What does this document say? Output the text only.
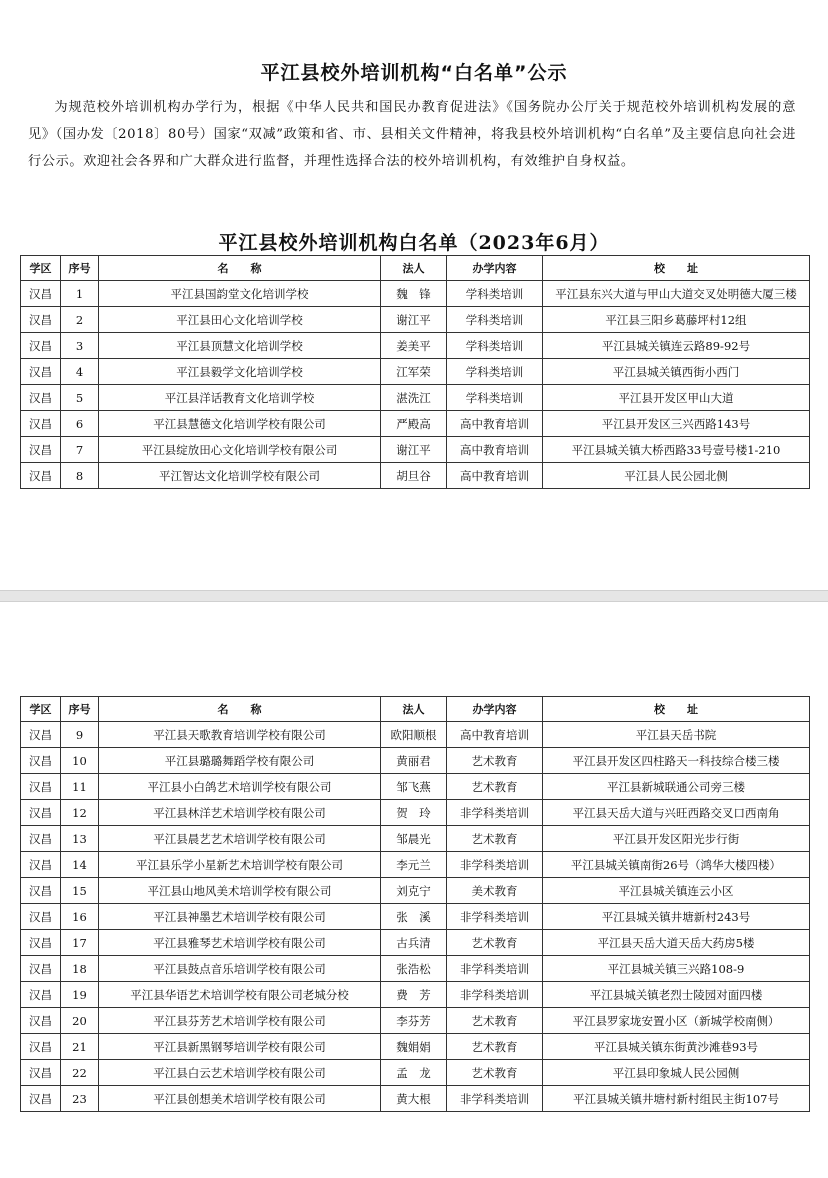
平江县校外培训机构“白名单”公示

为规范校外培训机构办学行为，根据《中华人民共和国民办教育促进法》《国务院办公厅关于规范校外培训机构发展的意见》（国办发〔2018〕80号）国家“双减”政策和省、市、县相关文件精神，将我县校外培训机构“白名单”及主要信息向社会进行公示。欢迎社会各界和广大群众进行监督，并理性选择合法的校外培训机构，有效维护自身权益。

平江县校外培训机构白名单（2023年6月）
学区	序号	名　　称	法人	办学内容	校　　址
汉昌	1	平江县国韵堂文化培训学校	魏　锋	学科类培训	平江县东兴大道与甲山大道交叉处明德大厦三楼
汉昌	2	平江县田心文化培训学校	谢江平	学科类培训	平江县三阳乡葛藤坪村12组
汉昌	3	平江县顶慧文化培训学校	姜美平	学科类培训	平江县城关镇连云路89-92号
汉昌	4	平江县毅学文化培训学校	江军荣	学科类培训	平江县城关镇西街小西门
汉昌	5	平江县洋话教育文化培训学校	湛洗江	学科类培训	平江县开发区甲山大道
汉昌	6	平江县慧德文化培训学校有限公司	严殿高	高中教育培训	平江县开发区三兴西路143号
汉昌	7	平江县绽放田心文化培训学校有限公司	谢江平	高中教育培训	平江县城关镇大桥西路33号壹号楼1-210
汉昌	8	平江智达文化培训学校有限公司	胡旦谷	高中教育培训	平江县人民公园北侧
学区	序号	名　　称	法人	办学内容	校　　址
汉昌	9	平江县天歌教育培训学校有限公司	欧阳顺根	高中教育培训	平江县天岳书院
汉昌	10	平江县璐璐舞蹈学校有限公司	黄丽君	艺术教育	平江县开发区四柱路天一科技综合楼三楼
汉昌	11	平江县小白鸽艺术培训学校有限公司	邹飞燕	艺术教育	平江县新城联通公司旁三楼
汉昌	12	平江县林洋艺术培训学校有限公司	贺　玲	非学科类培训	平江县天岳大道与兴旺西路交叉口西南角
汉昌	13	平江县晨艺艺术培训学校有限公司	邹晨光	艺术教育	平江县开发区阳光步行街
汉昌	14	平江县乐学小星新艺术培训学校有限公司	李元兰	非学科类培训	平江县城关镇南街26号（鸿华大楼四楼）
汉昌	15	平江县山地风美术培训学校有限公司	刘克宁	美术教育	平江县城关镇连云小区
汉昌	16	平江县神墨艺术培训学校有限公司	张　溪	非学科类培训	平江县城关镇井塘新村243号
汉昌	17	平江县雅琴艺术培训学校有限公司	古兵清	艺术教育	平江县天岳大道天岳大药房5楼
汉昌	18	平江县鼓点音乐培训学校有限公司	张浩松	非学科类培训	平江县城关镇三兴路108-9
汉昌	19	平江县华语艺术培训学校有限公司老城分校	费　芳	非学科类培训	平江县城关镇老烈士陵园对面四楼
汉昌	20	平江县芬芳艺术培训学校有限公司	李芬芳	艺术教育	平江县罗家垅安置小区（新城学校南侧）
汉昌	21	平江县新黑钢琴培训学校有限公司	魏娟娟	艺术教育	平江县城关镇东街黄沙滩巷93号
汉昌	22	平江县白云艺术培训学校有限公司	孟　龙	艺术教育	平江县印象城人民公园侧
汉昌	23	平江县创想美术培训学校有限公司	黄大根	非学科类培训	平江县城关镇井塘村新村组民主街107号
